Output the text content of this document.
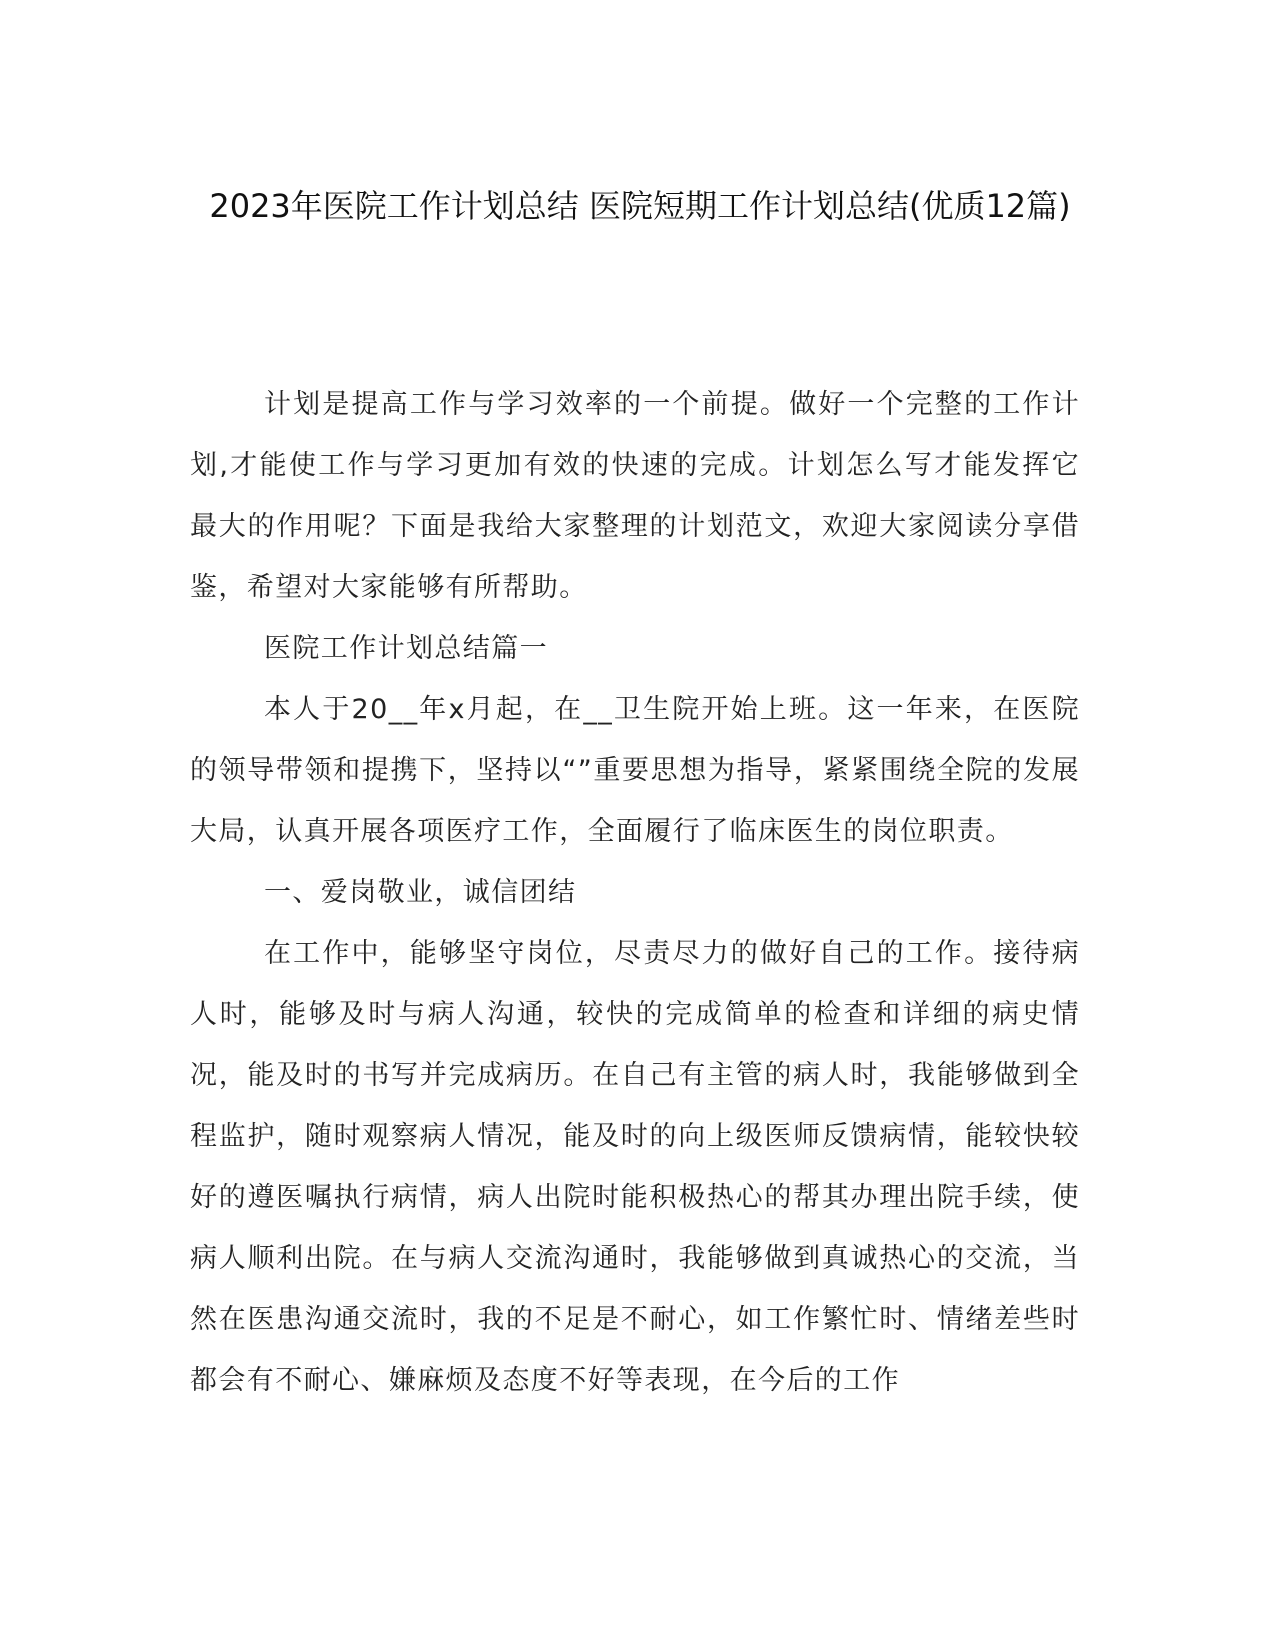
2023年医院工作计划总结 医院短期工作计划总结(优质12篇)

计划是提高工作与学习效率的一个前提。做好一个完整的工作计划,才能使工作与学习更加有效的快速的完成。计划怎么写才能发挥它最大的作用呢？下面是我给大家整理的计划范文，欢迎大家阅读分享借鉴，希望对大家能够有所帮助。

医院工作计划总结篇一

本人于20__年x月起，在__卫生院开始上班。这一年来，在医院的领导带领和提携下，坚持以“”重要思想为指导，紧紧围绕全院的发展大局，认真开展各项医疗工作，全面履行了临床医生的岗位职责。

一、爱岗敬业，诚信团结

在工作中，能够坚守岗位，尽责尽力的做好自己的工作。接待病人时，能够及时与病人沟通，较快的完成简单的检查和详细的病史情况，能及时的书写并完成病历。在自己有主管的病人时，我能够做到全程监护，随时观察病人情况，能及时的向上级医师反馈病情，能较快较好的遵医嘱执行病情，病人出院时能积极热心的帮其办理出院手续，使病人顺利出院。在与病人交流沟通时，我能够做到真诚热心的交流，当然在医患沟通交流时，我的不足是不耐心，如工作繁忙时、情绪差些时都会有不耐心、嫌麻烦及态度不好等表现，在今后的工作
